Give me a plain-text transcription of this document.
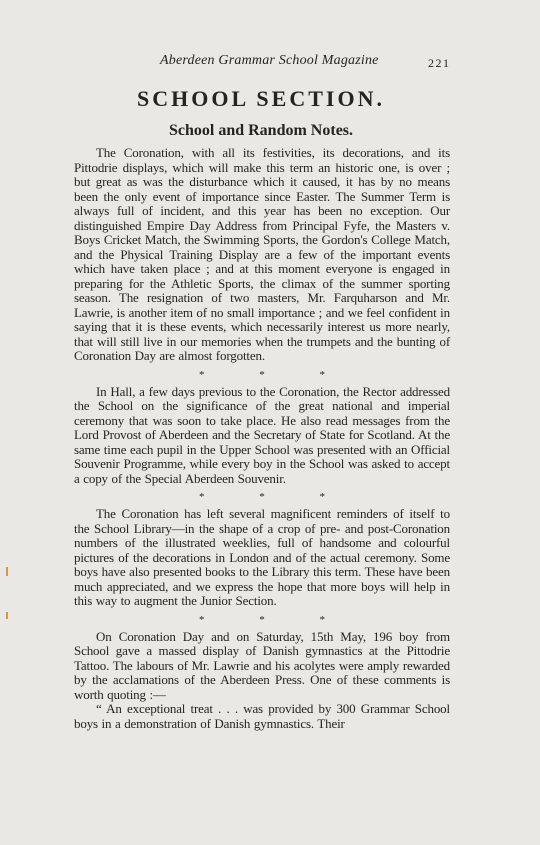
Aberdeen Grammar School Magazine	221
SCHOOL SECTION.
School and Random Notes.

The Coronation, with all its festivities, its decorations, and its Pittodrie displays, which will make this term an historic one, is over ; but great as was the disturbance which it caused, it has by no means been the only event of importance since Easter. The Summer Term is always full of incident, and this year has been no exception. Our distinguished Empire Day Address from Principal Fyfe, the Masters v. Boys Cricket Match, the Swimming Sports, the Gordon's College Match, and the Physical Training Display are a few of the important events which have taken place ; and at this moment everyone is engaged in preparing for the Athletic Sports, the climax of the summer sporting season. The resignation of two masters, Mr. Farquharson and Mr. Lawrie, is another item of no small importance ; and we feel confident in saying that it is these events, which necessarily interest us more nearly, that will still live in our memories when the trumpets and the bunting of Coronation Day are almost forgotten.

* * *

In Hall, a few days previous to the Coronation, the Rector addressed the School on the significance of the great national and imperial ceremony that was soon to take place. He also read messages from the Lord Provost of Aberdeen and the Secretary of State for Scotland. At the same time each pupil in the Upper School was presented with an Official Souvenir Programme, while every boy in the School was asked to accept a copy of the Special Aberdeen Souvenir.

* * *

The Coronation has left several magnificent reminders of itself to the School Library—in the shape of a crop of pre- and post-Coronation numbers of the illustrated weeklies, full of handsome and colourful pictures of the decorations in London and of the actual ceremony. Some boys have also presented books to the Library this term. These have been much appreciated, and we express the hope that more boys will help in this way to augment the Junior Section.

* * *

On Coronation Day and on Saturday, 15th May, 196 boy from School gave a massed display of Danish gymnastics at the Pittodrie Tattoo. The labours of Mr. Lawrie and his acolytes were amply rewarded by the acclamations of the Aberdeen Press. One of these comments is worth quoting :—

“ An exceptional treat . . . was provided by 300 Grammar School boys in a demonstration of Danish gymnastics. Their
